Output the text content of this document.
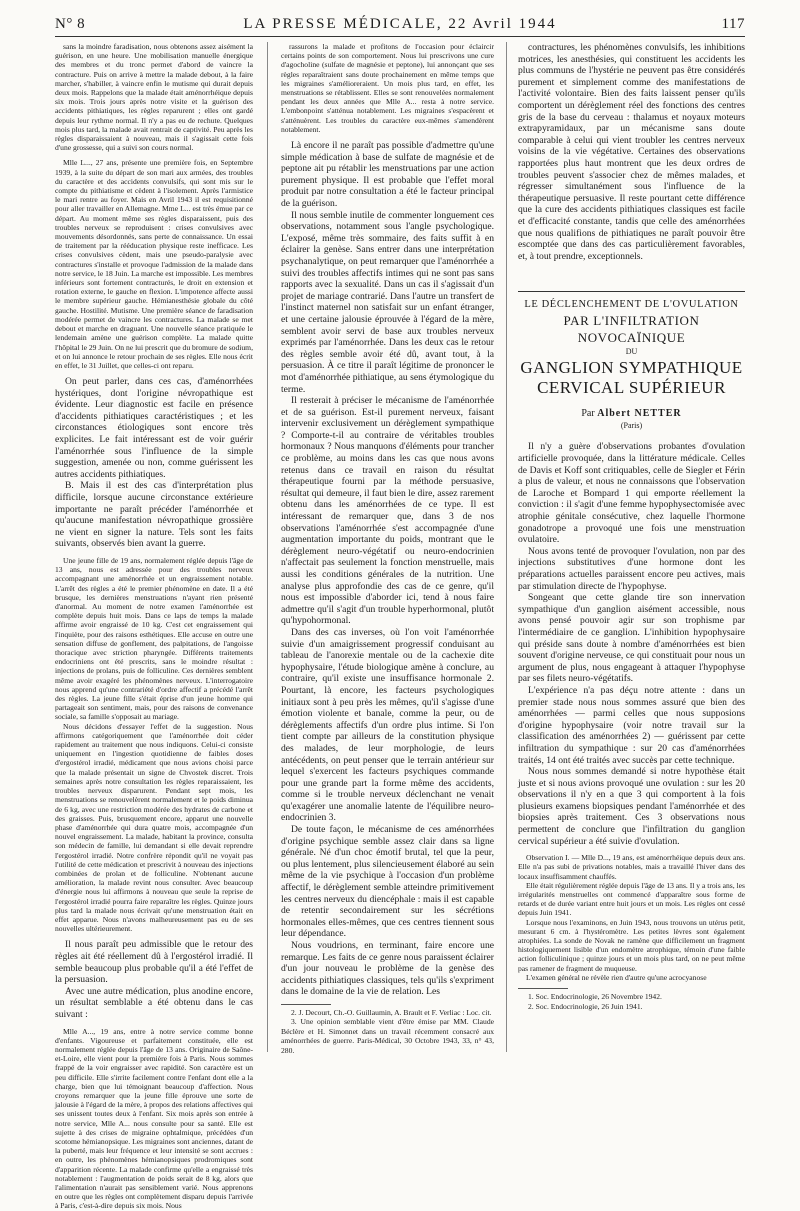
N° 8	LA PRESSE MÉDICALE, 22 Avril 1944	117

sans la moindre faradisation, nous obtenons assez aisément la guérison, en une heure. Une mobilisation manuelle énergique des membres et du tronc permet d'abord de vaincre la contracture. Puis on arrive à mettre la malade debout, à la faire marcher, s'habiller, à vaincre enfin le mutisme qui durait depuis deux mois. Rappelons que la malade était aménorrhéique depuis six mois. Trois jours après notre visite et la guérison des accidents pithiatiques, les règles reparurent ; elles ont gardé depuis leur rythme normal. Il n'y a pas eu de rechute. Quelques mois plus tard, la malade avait rentrait de captivité. Peu après les règles disparaissaient à nouveau, mais il s'agissait cette fois d'une grossesse, qui a suivi son cours normal.

Mlle L..., 27 ans, présente une première fois, en Septembre 1939, à la suite du départ de son mari aux armées, des troubles du caractère et des accidents convulsifs, qui sont mis sur le compte du pithiatisme et cèdent à l'isolement. Après l'armistice le mari rentre au foyer. Mais en Avril 1943 il est requisitionné pour aller travailler en Allemagne. Mme L... est très émue par ce départ. Au moment même ses règles disparaissent, puis des troubles nerveux se reproduisent : crises convulsives avec mouvements désordonnés, sans perte de connaissance. Un essai de traitement par la rééducation physique reste inefficace. Les crises convulsives cèdent, mais une pseudo-paralysie avec contractures s'installe et provoque l'admission de la malade dans notre service, le 18 Juin. La marche est impossible. Les membres inférieurs sont fortement contracturés, le droit en extension et rotation externe, le gauche en flexion. L'impotence affecte aussi le membre supérieur gauche. Hémianesthésie globale du côté gauche. Hostilité. Mutisme. Une première séance de faradisation modérée permet de vaincre les contractures. La malade se met debout et marche en draguant. Une nouvelle séance pratiquée le lendemain amène une guérison complète. La malade quitte l'hôpital le 29 Juin. On ne lui prescrit que du bromure de sodium, et on lui annonce le retour prochain de ses règles. Elle nous écrit en effet, le 31 Juillet, que celles-ci ont reparu.

On peut parler, dans ces cas, d'aménorrhées hystériques, dont l'origine névropathique est évidente. Leur diagnostic est facile en présence d'accidents pithiatiques caractéristiques ; et les circonstances étiologiques sont encore très explicites. Le fait intéressant est de voir guérir l'aménorrhée sous l'influence de la simple suggestion, amenée ou non, comme guérissent les autres accidents pithiatiques.

B. Mais il est des cas d'interprétation plus difficile, lorsque aucune circonstance extérieure importante ne paraît précéder l'aménorrhée et qu'aucune manifestation névropathique grossière ne vient en signer la nature. Tels sont les faits suivants, observés bien avant la guerre.

Une jeune fille de 19 ans, normalement réglée depuis l'âge de 13 ans, nous est adressée pour des troubles nerveux accompagnant une aménorrhée et un engraissement notable. L'arrêt des règles a été le premier phénomène en date. Il a été brusque, les dernières menstruations n'ayant rien présenté d'anormal. Au moment de notre examen l'aménorrhée est complète depuis huit mois. Dans ce laps de temps la malade affirme avoir engraissé de 10 kg. C'est cet engraissement qui l'inquiète, pour des raisons esthétiques. Elle accuse en outre une sensation diffuse de gonflement, des palpitations, de l'angoisse thoracique avec striction pharyngée. Différents traitements endocriniens ont été prescrits, sans le moindre résultat : injections de prolans, puis de folliculine. Ces dernières semblent même avoir exagéré les phénomènes nerveux. L'interrogatoire nous apprend qu'une contrariété d'ordre affectif a précédé l'arrêt des règles. La jeune fille s'était éprise d'un jeune homme qui partageait son sentiment, mais, pour des raisons de convenance sociale, sa famille s'opposait au mariage.

Nous décidons d'essayer l'effet de la suggestion. Nous affirmons catégoriquement que l'aménorrhée doit céder rapidement au traitement que nous indiquons. Celui-ci consiste uniquement en l'ingestion quotidienne de faibles doses d'ergostérol irradié, médicament que nous avions choisi parce que la malade présentait un signe de Chvostek discret. Trois semaines après notre consultation les règles reparaissaient, les troubles nerveux disparurent. Pendant sept mois, les menstruations se renouvelèrent normalement et le poids diminua de 6 kg, avec une restriction modérée des hydrates de carbone et des graisses. Puis, brusquement encore, apparut une nouvelle phase d'aménorrhée qui dura quatre mois, accompagnée d'un nouvel engraissement. La malade, habitant la province, consulta son médecin de famille, lui demandant si elle devait reprendre l'ergostérol irradié. Notre confrère répondit qu'il ne voyait pas l'utilité de cette médication et prescrivit à nouveau des injections combinées de prolan et de folliculine. N'obtenant aucune amélioration, la malade revint nous consulter. Avec beaucoup d'énergie nous lui affirmons à nouveau que seule la reprise de l'ergostérol irradié pourra faire reparaître les règles. Quinze jours plus tard la malade nous écrivait qu'une menstruation était en effet apparue. Nous n'avons malheureusement pas eu de ses nouvelles ultérieurement.

Il nous paraît peu admissible que le retour des règles ait été réellement dû à l'ergostérol irradié. Il semble beaucoup plus probable qu'il a été l'effet de la persuasion.

Avec une autre médication, plus anodine encore, un résultat semblable a été obtenu dans le cas suivant :

Mlle A..., 19 ans, entre à notre service comme bonne d'enfants. Vigoureuse et parfaitement constituée, elle est normalement réglée depuis l'âge de 13 ans. Originaire de Saône-et-Loire, elle vient pour la première fois à Paris. Nous sommes frappé de la voir engraisser avec rapidité. Son caractère est un peu difficile. Elle s'irrite facilement contre l'enfant dont elle a la charge, bien que lui témoignant beaucoup d'affection. Nous croyons remarquer que la jeune fille éprouve une sorte de jalousie à l'égard de la mère, à propos des relations affectives qui ses unissent toutes deux à l'enfant. Six mois après son entrée à notre service, Mlle A... nous consulte pour sa santé. Elle est sujette à des crises de migraine ophtalmique, précédées d'un scotome hémianopsique. Les migraines sont anciennes, datant de la puberté, mais leur fréquence et leur intensité se sont accrues : en outre, les phénomènes hémianopsiques prodromiques sont d'apparition récente. La malade confirme qu'elle a engraissé très notablement : l'augmentation de poids serait de 8 kg, alors que l'alimentation n'aurait pas sensiblement varié. Nous apprenons en outre que les règles ont complètement disparu depuis l'arrivée à Paris, c'est-à-dire depuis six mois. Nous

rassurons la malade et profitons de l'occasion pour éclaircir certains points de son comportement. Nous lui prescrivons une cure d'agocholine (sulfate de magnésie et peptone), lui annonçant que ses règles reparaîtraient sans doute prochainement en même temps que les migraines s'amélioreraient. Un mois plus tard, en effet, les menstruations se rétablissent. Elles se sont renouvelées normalement pendant les deux années que Mlle A... resta à notre service. L'embonpoint s'atténua notablement. Les migraines s'espacèrent et s'atténuèrent. Les troubles du caractère eux-mêmes s'amendèrent notablement.

Là encore il ne paraît pas possible d'admettre qu'une simple médication à base de sulfate de magnésie et de peptone ait pu rétablir les menstruations par une action purement physique. Il est probable que l'effet moral produit par notre consultation a été le facteur principal de la guérison.

Il nous semble inutile de commenter longuement ces observations, notamment sous l'angle psychologique. L'exposé, même très sommaire, des faits suffit à en éclairer la genèse. Sans entrer dans une interprétation psychanalytique, on peut remarquer que l'aménorrhée a suivi des troubles affectifs intimes qui ne sont pas sans rapports avec la sexualité. Dans un cas il s'agissait d'un projet de mariage contrarié. Dans l'autre un transfert de l'instinct maternel non satisfait sur un enfant étranger, et une certaine jalousie éprouvée à l'égard de la mère, semblent avoir servi de base aux troubles nerveux exprimés par l'aménorrhée. Dans les deux cas le retour des règles semble avoir été dû, avant tout, à la persuasion. À ce titre il paraît légitime de prononcer le mot d'aménorrhée pithiatique, au sens étymologique du terme.

Il resterait à préciser le mécanisme de l'aménorrhée et de sa guérison. Est-il purement nerveux, faisant intervenir exclusivement un dérèglement sympathique ? Comporte-t-il au contraire de véritables troubles hormonaux ? Nous manquons d'éléments pour trancher ce problème, au moins dans les cas que nous avons retenus dans ce travail en raison du résultat thérapeutique fourni par la méthode persuasive, résultat qui demeure, il faut bien le dire, assez rarement obtenu dans les aménorrhées de ce type. Il est intéressant de remarquer que, dans 3 de nos observations l'aménorrhée s'est accompagnée d'une augmentation importante du poids, montrant que le dérèglement neuro-végétatif ou neuro-endocrinien n'affectait pas seulement la fonction menstruelle, mais aussi les conditions générales de la nutrition. Une analyse plus approfondie des cas de ce genre, qu'il nous est impossible d'aborder ici, tend à nous faire admettre qu'il s'agit d'un trouble hyperhormonal, plutôt qu'hypohormonal.

Dans des cas inverses, où l'on voit l'aménorrhée suivie d'un amaigrissement progressif conduisant au tableau de l'anorexie mentale ou de la cachexie dite hypophysaire, l'étude biologique amène à conclure, au contraire, qu'il existe une insuffisance hormonale 2. Pourtant, là encore, les facteurs psychologiques initiaux sont à peu près les mêmes, qu'il s'agisse d'une émotion violente et banale, comme la peur, ou de dérèglements affectifs d'un ordre plus intime. Si l'on tient compte par ailleurs de la constitution physique des malades, de leur morphologie, de leurs antécédents, on peut penser que le terrain antérieur sur lequel s'exercent les facteurs psychiques commande pour une grande part la forme même des accidents, comme si le trouble nerveux déclenchant ne venait qu'exagérer une anomalie latente de l'équilibre neuro-endocrinien 3.

De toute façon, le mécanisme de ces aménorrhées d'origine psychique semble assez clair dans sa ligne générale. Né d'un choc émotif brutal, tel que la peur, ou plus lentement, plus silencieusement élaboré au sein même de la vie psychique à l'occasion d'un problème affectif, le dérèglement semble atteindre primitivement les centres nerveux du diencéphale : mais il est capable de retentir secondairement sur les sécrétions hormonales elles-mêmes, que ces centres tiennent sous leur dépendance.

Nous voudrions, en terminant, faire encore une remarque. Les faits de ce genre nous paraissent éclairer d'un jour nouveau le problème de la genèse des accidents pithiatiques classiques, tels qu'ils s'expriment dans le domaine de la vie de relation. Les

2. J. Decourt, Ch.-O. Guillaumin, A. Brault et F. Verliac : Loc. cit.

3. Une opinion semblable vient d'être émise par MM. Claude Béclère et H. Simonnet dans un travail récemment consacré aux aménorrhées de guerre. Paris-Médical, 30 Octobre 1943, 33, n° 43, 280.

contractures, les phénomènes convulsifs, les inhibitions motrices, les anesthésies, qui constituent les accidents les plus communs de l'hystérie ne peuvent pas être considérés purement et simplement comme des manifestations de l'activité volontaire. Bien des faits laissent penser qu'ils comportent un dérèglement réel des fonctions des centres gris de la base du cerveau : thalamus et noyaux moteurs extrapyramidaux, par un mécanisme sans doute comparable à celui qui vient troubler les centres nerveux voisins de la vie végétative. Certaines des observations rapportées plus haut montrent que les deux ordres de troubles peuvent s'associer chez de mêmes malades, et régresser simultanément sous l'influence de la thérapeutique persuasive. Il reste pourtant cette différence que la cure des accidents pithiatiques classiques est facile et d'efficacité constante, tandis que celle des aménorrhées que nous qualifions de pithiatiques ne paraît pouvoir être escomptée que dans des cas particulièrement favorables, et, à tout prendre, exceptionnels.

LE DÉCLENCHEMENT DE L'OVULATION
PAR L'INFILTRATION NOVOCAÏNIQUE
DU
GANGLION SYMPATHIQUE
CERVICAL SUPÉRIEUR
Par Albert NETTER
(Paris)

Il n'y a guère d'observations probantes d'ovulation artificielle provoquée, dans la littérature médicale. Celles de Davis et Koff sont critiquables, celle de Siegler et Férin a plus de valeur, et nous ne connaissons que l'observation de Laroche et Bompard 1 qui emporte réellement la conviction : il s'agit d'une femme hypophysectomisée avec atrophie génitale consécutive, chez laquelle l'hormone gonadotrope a provoqué une fois une menstruation ovulatoire.

Nous avons tenté de provoquer l'ovulation, non par des injections substitutives d'une hormone dont les préparations actuelles paraissent encore peu actives, mais par stimulation directe de l'hypophyse.

Songeant que cette glande tire son innervation sympathique d'un ganglion aisément accessible, nous avons pensé pouvoir agir sur son trophisme par l'intermédiaire de ce ganglion. L'inhibition hypophysaire qui préside sans doute à nombre d'aménorrhées est bien souvent d'origine nerveuse, ce qui constituait pour nous un argument de plus, nous engageant à attaquer l'hypophyse par ses filets neuro-végétatifs.

L'expérience n'a pas déçu notre attente : dans un premier stade nous nous sommes assuré que bien des aménorrhées — parmi celles que nous supposions d'origine hypophysaire (voir notre travail sur la classification des aménorrhées 2) — guérissent par cette infiltration du sympathique : sur 20 cas d'aménorrhées traités, 14 ont été traités avec succès par cette technique.

Nous nous sommes demandé si notre hypothèse était juste et si nous avions provoqué une ovulation : sur les 20 observations il n'y en a que 3 qui comportent à la fois plusieurs examens biopsiques pendant l'aménorrhée et des biopsies après traitement. Ces 3 observations nous permettent de conclure que l'infiltration du ganglion cervical supérieur a été suivie d'ovulation.

Observation I. — Mlle D..., 19 ans, est aménorrhéique depuis deux ans. Elle n'a pas subi de privations notables, mais a travaillé l'hiver dans des locaux insuffisamment chauffés.

Elle était régulièrement réglée depuis l'âge de 13 ans. Il y a trois ans, les irrégularités menstruelles ont commencé d'apparaître sous forme de retards et de durée variant entre huit jours et un mois. Les règles ont cessé depuis Juin 1941.

Lorsque nous l'examinons, en Juin 1943, nous trouvons un utérus petit, mesurant 6 cm. à l'hystéromètre. Les petites lèvres sont également atrophiées. La sonde de Novak ne ramène que difficilement un fragment histologiquement lisible d'un endomètre atrophique, témoin d'une faible action folliculinique ; quinze jours et un mois plus tard, on ne peut même pas ramener de fragment de muqueuse.

L'examen général ne révèle rien d'autre qu'une acrocyanose

1. Soc. Endocrinologie, 26 Novembre 1942.

2. Soc. Endocrinologie, 26 Juin 1941.
